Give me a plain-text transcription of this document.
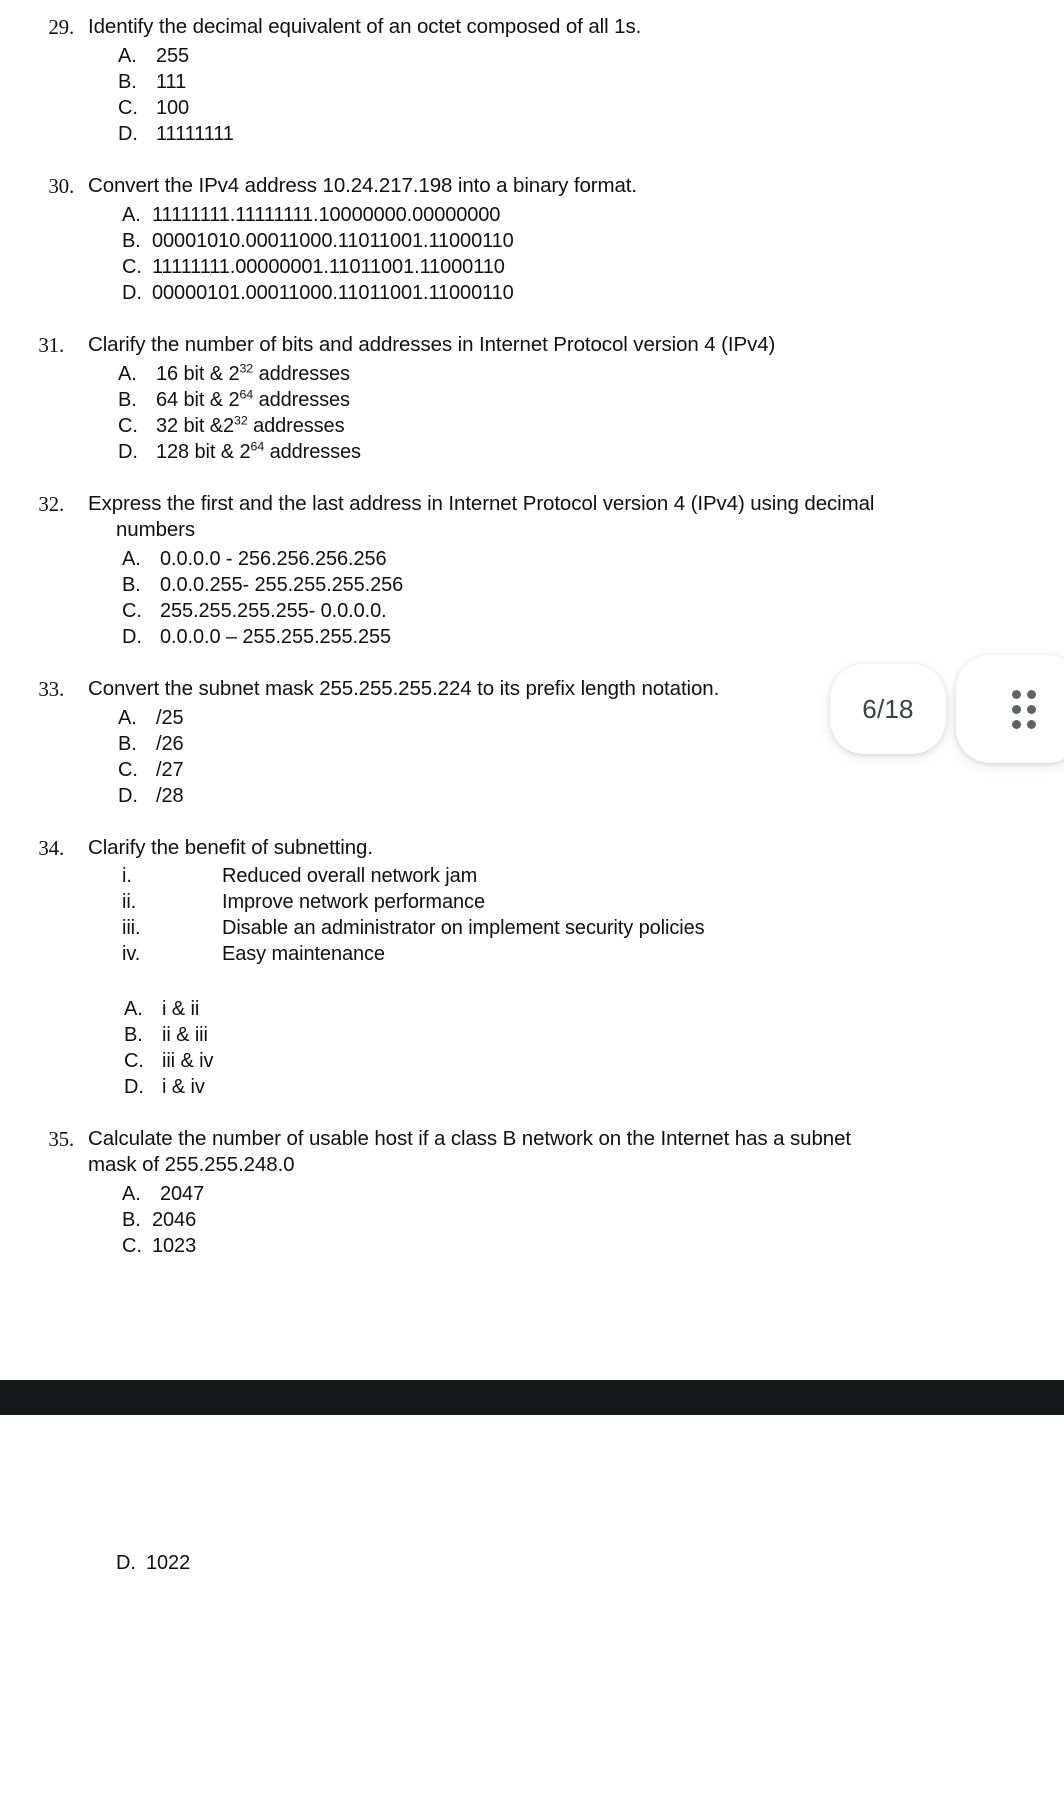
29. Identify the decimal equivalent of an octet composed of all 1s.
A. 255
B. 111
C. 100
D. 11111111
30. Convert the IPv4 address 10.24.217.198 into a binary format.
A. 11111111.11111111.10000000.00000000
B. 00001010.00011000.11011001.11000110
C. 11111111.00000001.11011001.11000110
D. 00000101.00011000.11011001.11000110
31. Clarify the number of bits and addresses in Internet Protocol version 4 (IPv4)
A. 16 bit & $2^{32}$ addresses
B. 64 bit & $2^{64}$ addresses
C. 32 bit $\&2^{32}$ addresses
D. 128 bit & $2^{64}$ addresses
32. Express the first and the last address in Internet Protocol version 4 (IPv4) using decimal
numbers
A. 0.0.0.0 - 256.256.256.256
B. 0.0.0.255- 255.255.255.256
C. 255.255.255.255- 0.0.0.0.
D. 0.0.0.0 – 255.255.255.255
33. Convert the subnet mask 255.255.255.224 to its prefix length notation.
A. /25
B. /26
C. /27
D. /28
34. Clarify the benefit of subnetting.
i.	Reduced overall network jam
ii.	Improve network performance
iii.	Disable an administrator on implement security policies
iv.	Easy maintenance
A. i & ii
B. ii & iii
C. iii & iv
D. i & iv
35. Calculate the number of usable host if a class B network on the Internet has a subnet
mask of 255.255.248.0
A. 2047
B. 2046
C. 1023
D. 1022
6/18
